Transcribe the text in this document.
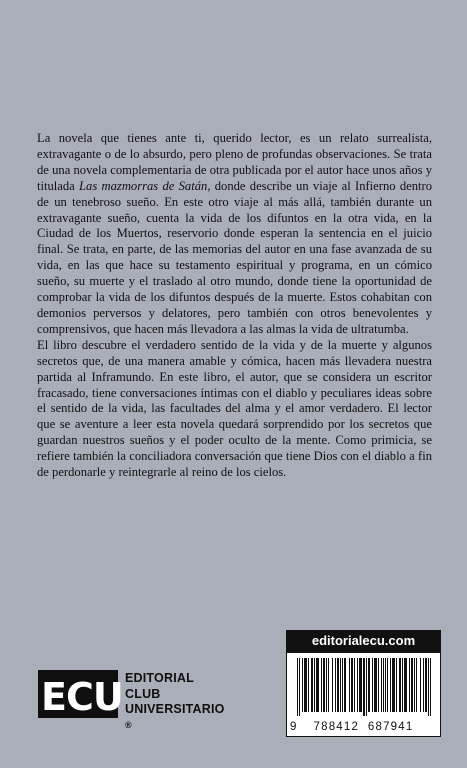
La novela que tienes ante ti, querido lector, es un relato surrealista, extravagante o de lo absurdo, pero pleno de profundas observaciones. Se trata de una novela complementaria de otra publicada por el autor hace unos años y titulada Las mazmorras de Satán, donde describe un viaje al Infierno dentro de un tenebroso sueño. En este otro viaje al más allá, también durante un extravagante sueño, cuenta la vida de los difuntos en la otra vida, en la Ciudad de los Muertos, reservorio donde esperan la sentencia en el juicio final. Se trata, en parte, de las memorias del autor en una fase avanzada de su vida, en las que hace su testamento espiritual y programa, en un cómico sueño, su muerte y el traslado al otro mundo, donde tiene la oportunidad de comprobar la vida de los difuntos después de la muerte. Estos cohabitan con demonios perversos y delatores, pero también con otros benevolentes y comprensivos, que hacen más llevadora a las almas la vida de ultratumba.

El libro descubre el verdadero sentido de la vida y de la muerte y algunos secretos que, de una manera amable y cómica, hacen más llevadera nuestra partida al Inframundo. En este libro, el autor, que se considera un escritor fracasado, tiene conversaciones íntimas con el diablo y peculiares ideas sobre el sentido de la vida, las facultades del alma y el amor verdadero. El lector que se aventure a leer esta novela quedará sorprendido por los secretos que guardan nuestros sueños y el poder oculto de la mente. Como primicia, se refiere también la conciliadora conversación que tiene Dios con el diablo a fin de perdonarle y reintegrarle al reino de los cielos.

ECU EDITORIAL
CLUB
UNIVERSITARIO
®
editorialecu.com
9 788412 687941
